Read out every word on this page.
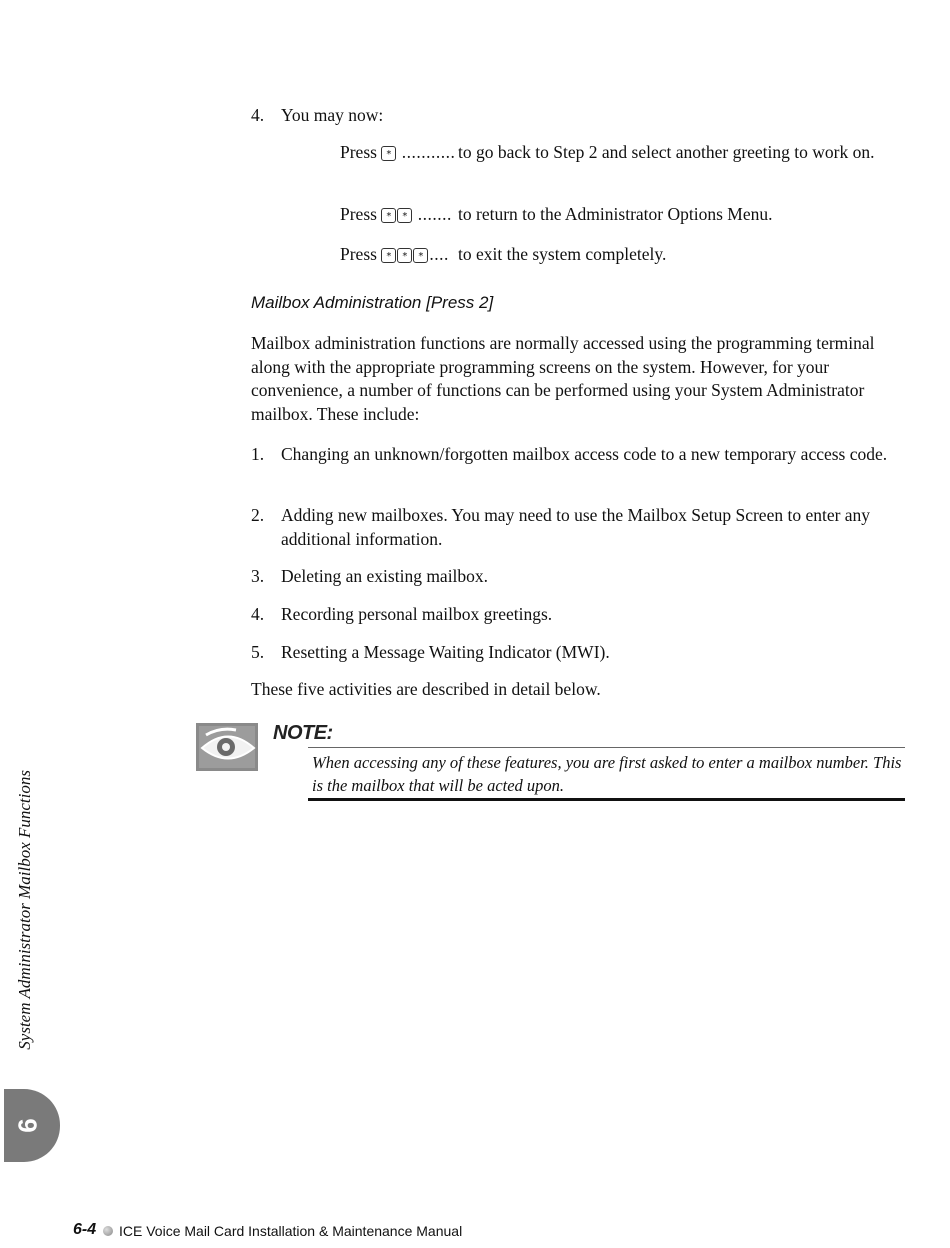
4. You may now:
Press * ........... to go back to Step 2 and select another greeting to work on.
Press * * ....... to return to the Administrator Options Menu.
Press * * * .... to exit the system completely.
Mailbox Administration [Press 2]
Mailbox administration functions are normally accessed using the programming terminal along with the appropriate programming screens on the system. However, for your convenience, a number of functions can be performed using your System Administrator mailbox. These include:
1. Changing an unknown/forgotten mailbox access code to a new temporary access code.
2. Adding new mailboxes. You may need to use the Mailbox Setup Screen to enter any additional information.
3. Deleting an existing mailbox.
4. Recording personal mailbox greetings.
5. Resetting a Message Waiting Indicator (MWI).
These five activities are described in detail below.
NOTE:
When accessing any of these features, you are first asked to enter a mailbox number. This is the mailbox that will be acted upon.
System Administrator Mailbox Functions
6
6-4 ICE Voice Mail Card Installation & Maintenance Manual
